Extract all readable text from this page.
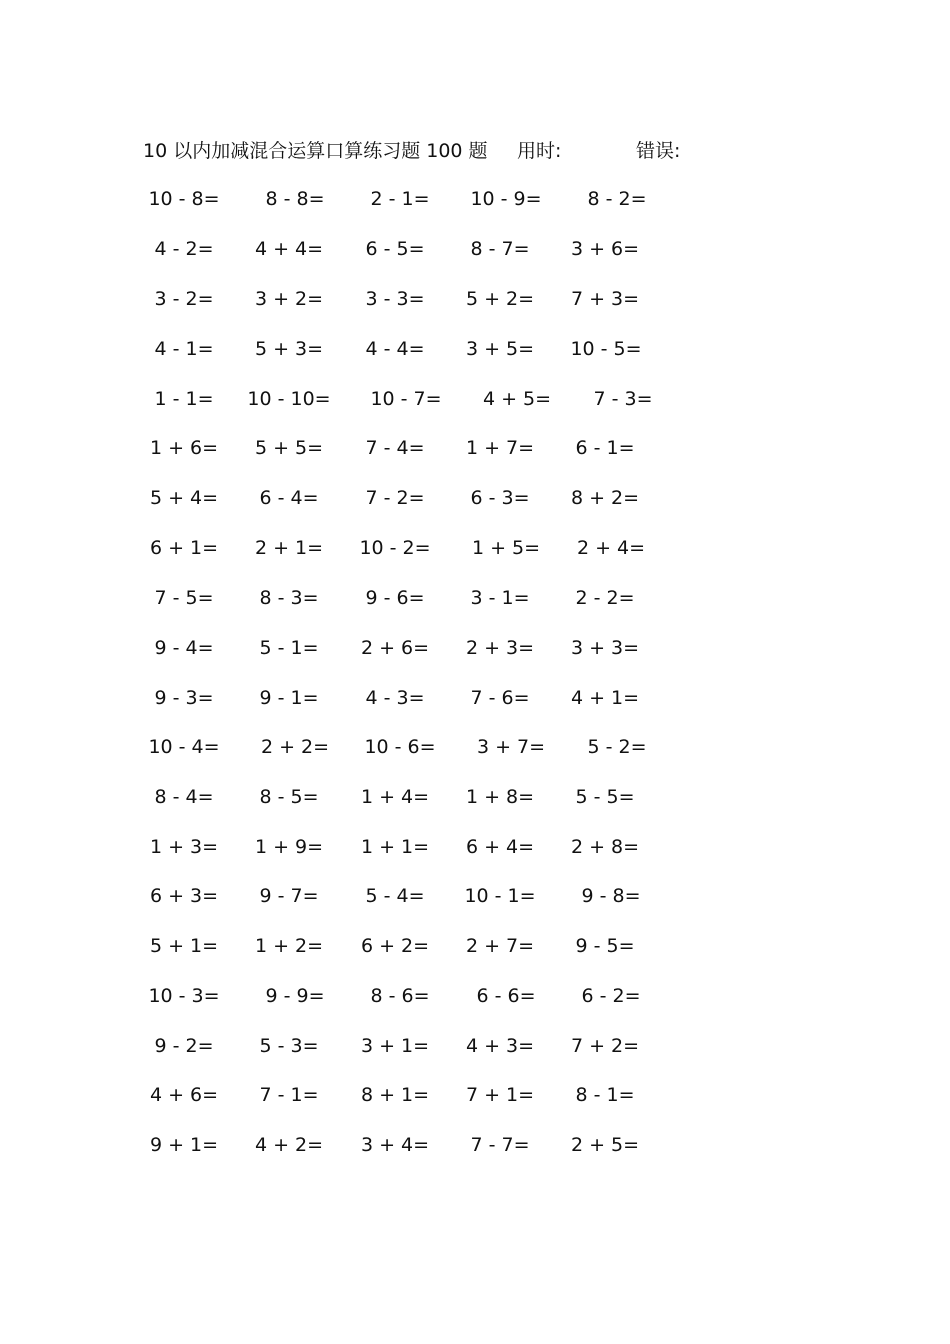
10 以内加减混合运算口算练习题 100 题 用时:	错误:
10 - 8=	8 - 8=	2 - 1=	10 - 9=	8 - 2=
4 - 2=	4 + 4=	6 - 5=	8 - 7=	3 + 6=
3 - 2=	3 + 2=	3 - 3=	5 + 2=	7 + 3=
4 - 1=	5 + 3=	4 - 4=	3 + 5=	10 - 5=
1 - 1=	10 - 10=	10 - 7=	4 + 5=	7 - 3=
1 + 6=	5 + 5=	7 - 4=	1 + 7=	6 - 1=
5 + 4=	6 - 4=	7 - 2=	6 - 3=	8 + 2=
6 + 1=	2 + 1=	10 - 2=	1 + 5=	2 + 4=
7 - 5=	8 - 3=	9 - 6=	3 - 1=	2 - 2=
9 - 4=	5 - 1=	2 + 6=	2 + 3=	3 + 3=
9 - 3=	9 - 1=	4 - 3=	7 - 6=	4 + 1=
10 - 4=	2 + 2=	10 - 6=	3 + 7=	5 - 2=
8 - 4=	8 - 5=	1 + 4=	1 + 8=	5 - 5=
1 + 3=	1 + 9=	1 + 1=	6 + 4=	2 + 8=
6 + 3=	9 - 7=	5 - 4=	10 - 1=	9 - 8=
5 + 1=	1 + 2=	6 + 2=	2 + 7=	9 - 5=
10 - 3=	9 - 9=	8 - 6=	6 - 6=	6 - 2=
9 - 2=	5 - 3=	3 + 1=	4 + 3=	7 + 2=
4 + 6=	7 - 1=	8 + 1=	7 + 1=	8 - 1=
9 + 1=	4 + 2=	3 + 4=	7 - 7=	2 + 5=
